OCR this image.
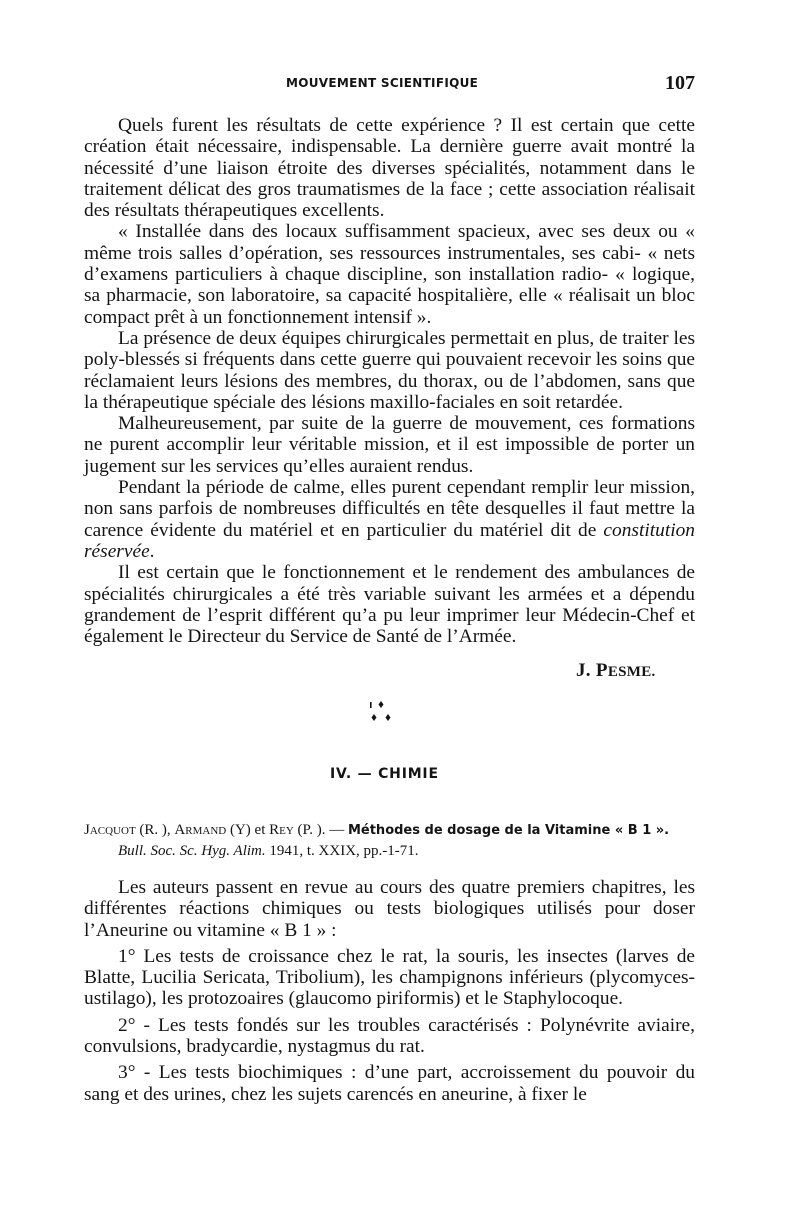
MOUVEMENT SCIENTIFIQUE	107

Quels furent les résultats de cette expérience ? Il est certain que cette création était nécessaire, indispensable. La dernière guerre avait montré la nécessité d’une liaison étroite des diverses spécialités, notamment dans le traitement délicat des gros traumatismes de la face ; cette association réalisait des résultats thérapeutiques excellents.

« Installée dans des locaux suffisamment spacieux, avec ses deux ou « même trois salles d’opération, ses ressources instrumentales, ses cabi- « nets d’examens particuliers à chaque discipline, son installation radio- « logique, sa pharmacie, son laboratoire, sa capacité hospitalière, elle « réalisait un bloc compact prêt à un fonctionnement intensif ».

La présence de deux équipes chirurgicales permettait en plus, de traiter les poly-blessés si fréquents dans cette guerre qui pouvaient recevoir les soins que réclamaient leurs lésions des membres, du thorax, ou de l’abdomen, sans que la thérapeutique spéciale des lésions maxillo-faciales en soit retardée.

Malheureusement, par suite de la guerre de mouvement, ces formations ne purent accomplir leur véritable mission, et il est impossible de porter un jugement sur les services qu’elles auraient rendus.

Pendant la période de calme, elles purent cependant remplir leur mission, non sans parfois de nombreuses difficultés en tête desquelles il faut mettre la carence évidente du matériel et en particulier du matériel dit de constitution réservée.

Il est certain que le fonctionnement et le rendement des ambulances de spécialités chirurgicales a été très variable suivant les armées et a dépendu grandement de l’esprit différent qu’a pu leur imprimer leur Médecin-Chef et également le Directeur du Service de Santé de l’Armée.

J. PESME.
IV. — CHIMIE
Jacquot (R. ), Armand (Y) et Rey (P. ). — Méthodes de dosage de la Vitamine « B 1 ».
Bull. Soc. Sc. Hyg. Alim. 1941, t. XXIX, pp.-1-71.

Les auteurs passent en revue au cours des quatre premiers chapitres, les différentes réactions chimiques ou tests biologiques utilisés pour doser l’Aneurine ou vitamine « B 1 » :

1° Les tests de croissance chez le rat, la souris, les insectes (larves de Blatte, Lucilia Sericata, Tribolium), les champignons inférieurs (plycomyces-ustilago), les protozoaires (glaucomo piriformis) et le Staphylocoque.

2° - Les tests fondés sur les troubles caractérisés : Polynévrite aviaire, convulsions, bradycardie, nystagmus du rat.

3° - Les tests biochimiques : d’une part, accroissement du pouvoir du sang et des urines, chez les sujets carencés en aneurine, à fixer le
